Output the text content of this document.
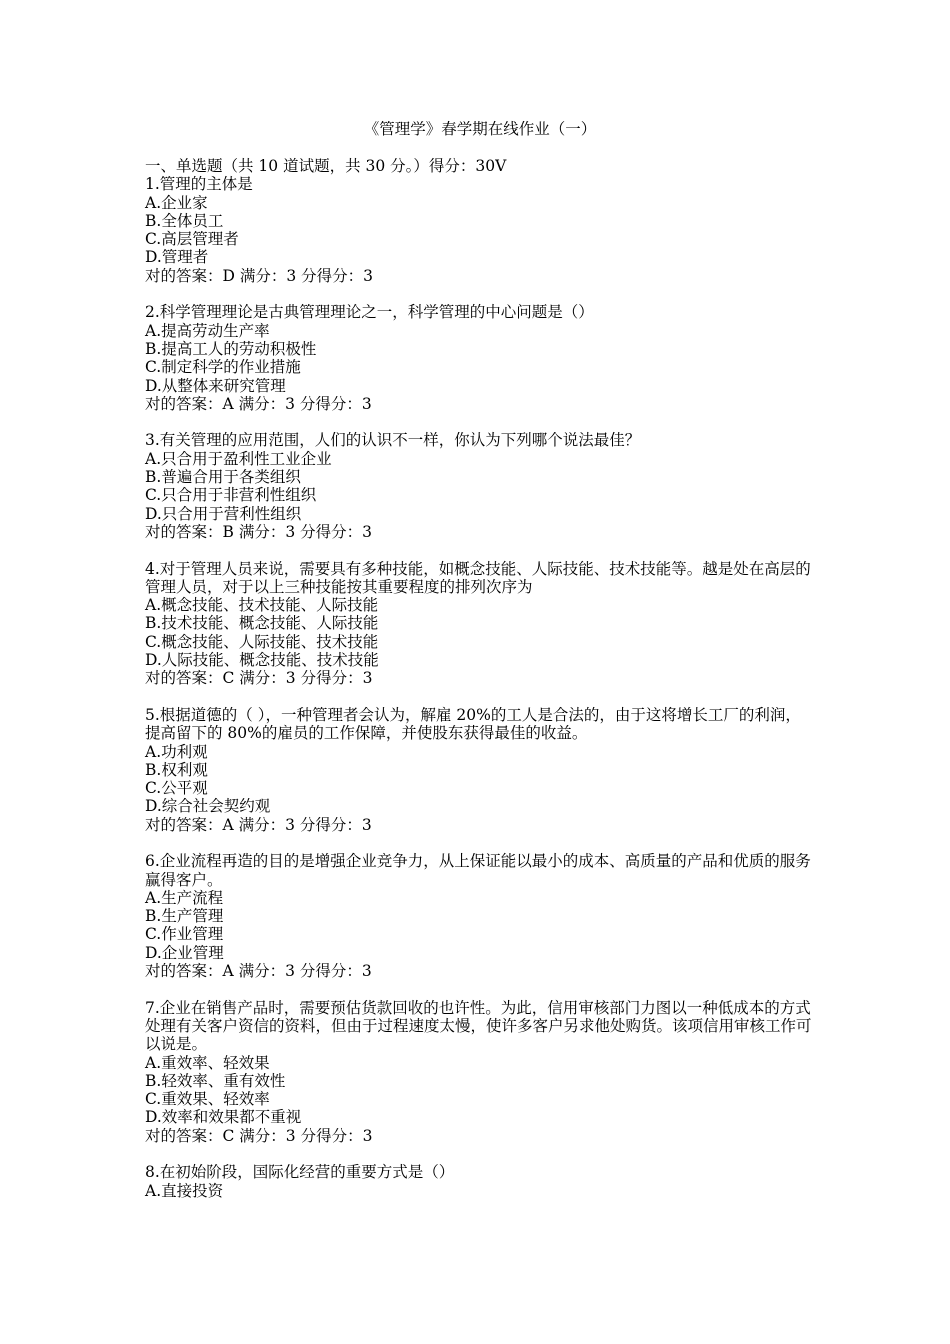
《管理学》春学期在线作业（一）
一、单选题（共 10 道试题，共 30 分。）得分：30V
1.管理的主体是
A.企业家
B.全体员工
C.高层管理者
D.管理者
对的答案：D 满分：3 分得分：3
2.科学管理理论是古典管理理论之一，科学管理的中心问题是（）
A.提高劳动生产率
B.提高工人的劳动积极性
C.制定科学的作业措施
D.从整体来研究管理
对的答案：A 满分：3 分得分：3
3.有关管理的应用范围，人们的认识不一样，你认为下列哪个说法最佳？
A.只合用于盈利性工业企业
B.普遍合用于各类组织
C.只合用于非营利性组织
D.只合用于营利性组织
对的答案：B 满分：3 分得分：3
4.对于管理人员来说，需要具有多种技能，如概念技能、人际技能、技术技能等。越是处在高层的管理人员，对于以上三种技能按其重要程度的排列次序为
A.概念技能、技术技能、人际技能
B.技术技能、概念技能、人际技能
C.概念技能、人际技能、技术技能
D.人际技能、概念技能、技术技能
对的答案：C 满分：3 分得分：3
5.根据道德的（ ），一种管理者会认为，解雇 20%的工人是合法的，由于这将增长工厂的利润，提高留下的 80%的雇员的工作保障，并使股东获得最佳的收益。
A.功利观
B.权利观
C.公平观
D.综合社会契约观
对的答案：A 满分：3 分得分：3
6.企业流程再造的目的是增强企业竞争力，从上保证能以最小的成本、高质量的产品和优质的服务赢得客户。
A.生产流程
B.生产管理
C.作业管理
D.企业管理
对的答案：A 满分：3 分得分：3
7.企业在销售产品时，需要预估货款回收的也许性。为此，信用审核部门力图以一种低成本的方式处理有关客户资信的资料，但由于过程速度太慢，使许多客户另求他处购货。该项信用审核工作可以说是。
A.重效率、轻效果
B.轻效率、重有效性
C.重效果、轻效率
D.效率和效果都不重视
对的答案：C 满分：3 分得分：3
8.在初始阶段，国际化经营的重要方式是（）
A.直接投资
